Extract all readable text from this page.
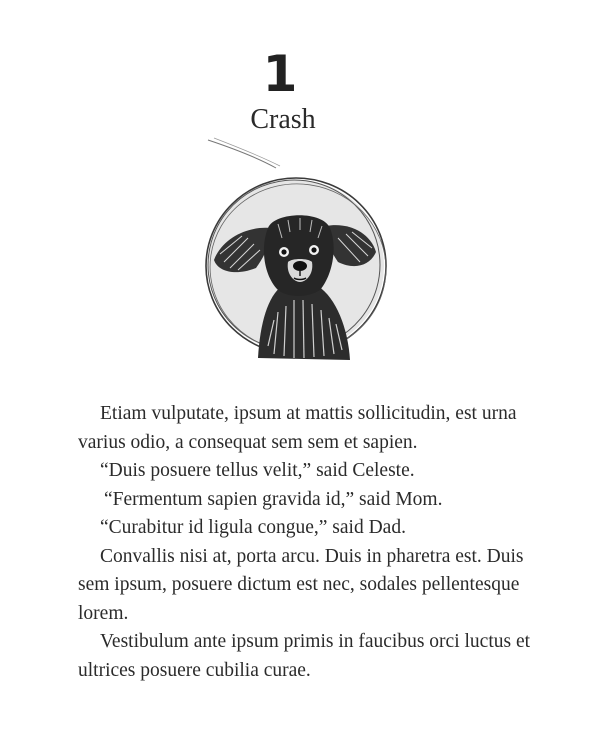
1
Crash

Etiam vulputate, ipsum at mattis sollicitudin, est urna varius odio, a consequat sem sem et sapien.

“Duis posuere tellus velit,” said Celeste.

“Fermentum sapien gravida id,” said Mom.

“Curabitur id ligula congue,” said Dad.

Convallis nisi at, porta arcu. Duis in pharetra est. Duis sem ipsum, posuere dictum est nec, sodales pellentesque lorem.

Vestibulum ante ipsum primis in faucibus orci luctus et ultrices posuere cubilia curae.
